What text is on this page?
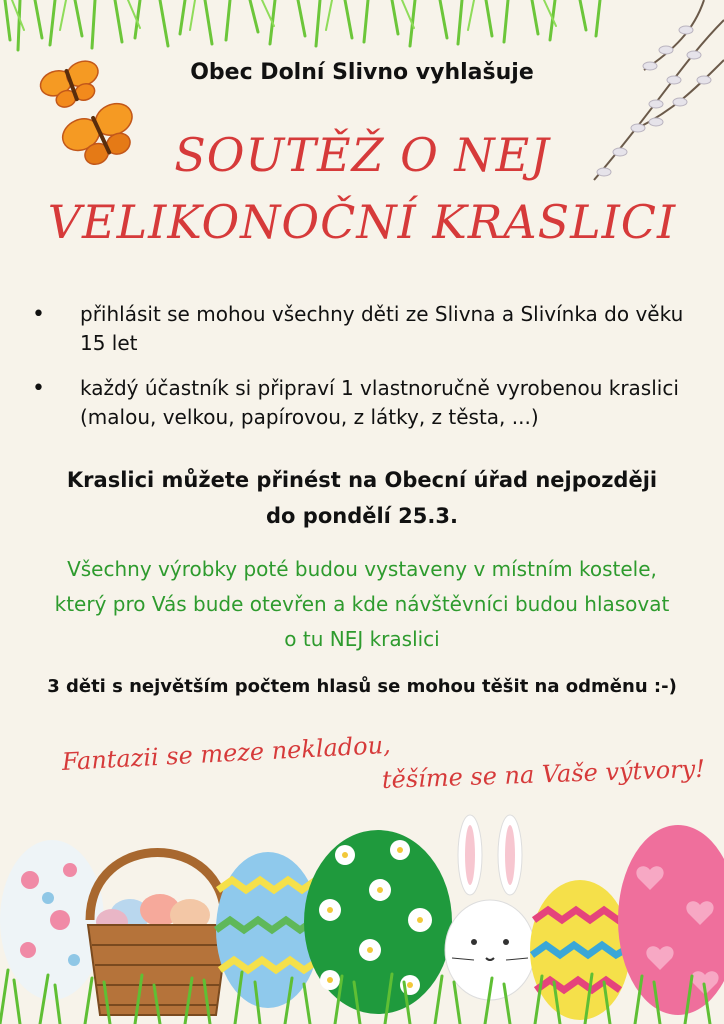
Obec Dolní Slivno vyhlašuje
SOUTĚŽ O NEJ
VELIKONOČNÍ KRASLICI
• přihlásit se mohou všechny děti ze Slivna a Slivínka do věku 15 let
• každý účastník si připraví 1 vlastnoručně vyrobenou kraslici (malou, velkou, papírovou, z látky, z těsta, ...)
Kraslici můžete přinést na Obecní úřad nejpozději
do pondělí 25.3.
Všechny výrobky poté budou vystaveny v místním kostele,
který pro Vás bude otevřen a kde návštěvníci budou hlasovat
o tu NEJ kraslici
3 děti s největším počtem hlasů se mohou těšit na odměnu :-)
Fantazii se meze nekladou,
těšíme se na Vaše výtvory!
